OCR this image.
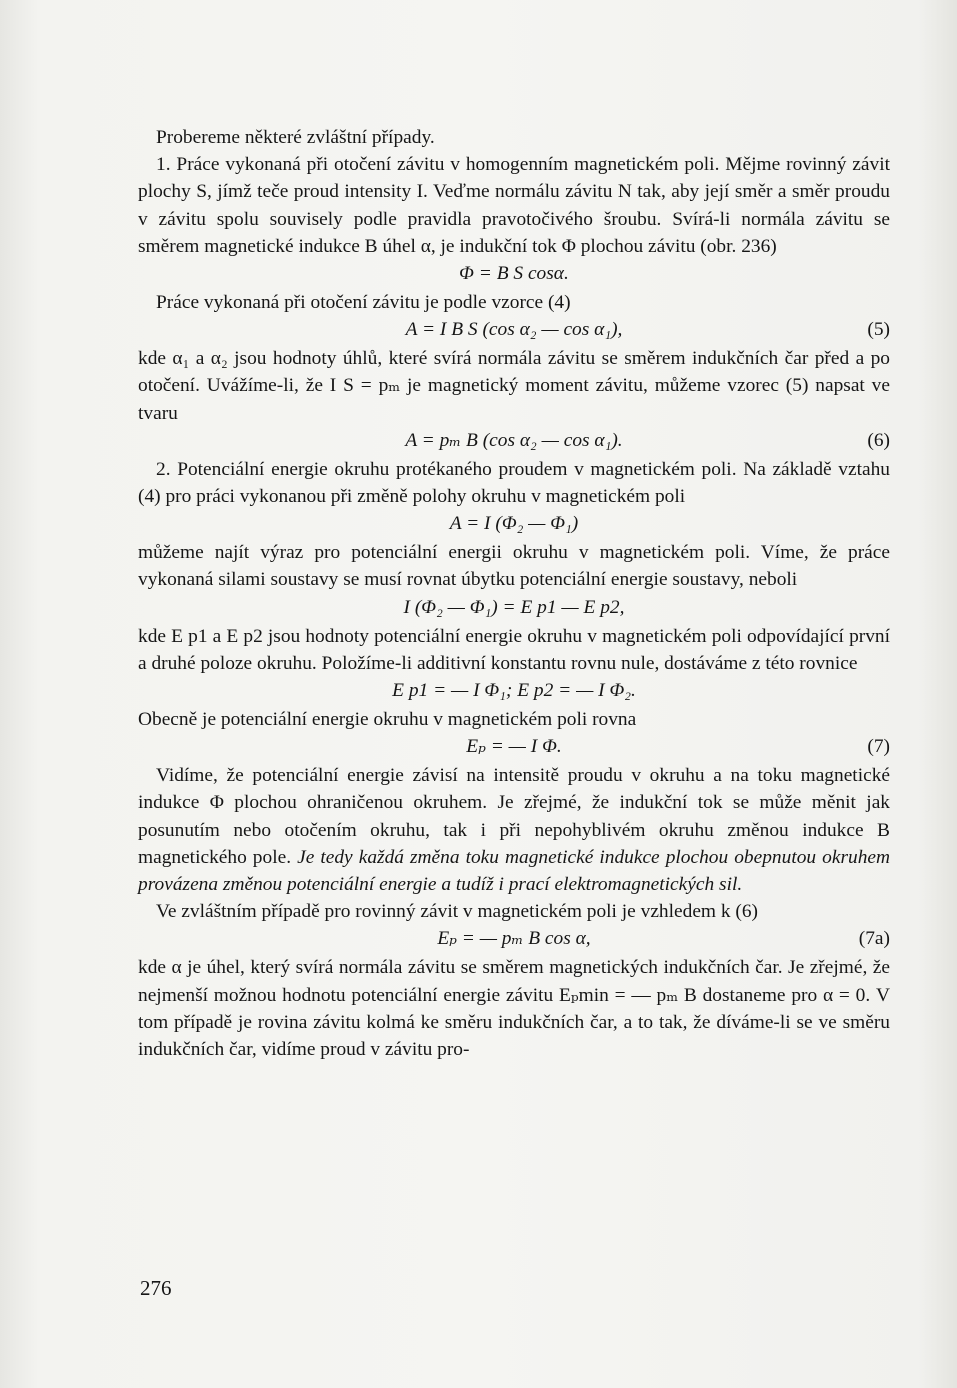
Probereme některé zvláštní případy.

1. Práce vykonaná při otočení závitu v homogenním magnetickém poli. Mějme rovinný závit plochy S, jímž teče proud intensity I. Veďme normálu závitu N tak, aby její směr a směr proudu v závitu spolu souvisely podle pravidla pravotočivého šroubu. Svírá-li normála závitu se směrem magnetické indukce B úhel α, je indukční tok Φ plochou závitu (obr. 236)

Φ = B S cosα.

Práce vykonaná při otočení závitu je podle vzorce (4)

A = I B S (cos α₂ — cos α₁),	(5)

kde α₁ a α₂ jsou hodnoty úhlů, které svírá normála závitu se směrem indukčních čar před a po otočení. Uvážíme-li, že I S = pₘ je magnetický moment závitu, můžeme vzorec (5) napsat ve tvaru

A = pₘ B (cos α₂ — cos α₁).	(6)

2. Potenciální energie okruhu protékaného proudem v magnetickém poli. Na základě vztahu (4) pro práci vykonanou při změně polohy okruhu v magnetickém poli

A = I (Φ₂ — Φ₁)

můžeme najít výraz pro potenciální energii okruhu v magnetickém poli. Víme, že práce vykonaná silami soustavy se musí rovnat úbytku potenciální energie soustavy, neboli

I (Φ₂ — Φ₁) = E p1 — E p2,

kde E p1 a E p2 jsou hodnoty potenciální energie okruhu v magnetickém poli odpovídající první a druhé poloze okruhu. Položíme-li additivní konstantu rovnu nule, dostáváme z této rovnice

E p1 = — I Φ₁; E p2 = — I Φ₂.

Obecně je potenciální energie okruhu v magnetickém poli rovna

Eₚ = — I Φ.	(7)

Vidíme, že potenciální energie závisí na intensitě proudu v okruhu a na toku magnetické indukce Φ plochou ohraničenou okruhem. Je zřejmé, že indukční tok se může měnit jak posunutím nebo otočením okruhu, tak i při nepohyblivém okruhu změnou indukce B magnetického pole. Je tedy každá změna toku magnetické indukce plochou obepnutou okruhem provázena změnou potenciální energie a tudíž i prací elektromagnetických sil.

Ve zvláštním případě pro rovinný závit v magnetickém poli je vzhledem k (6)

Eₚ = — pₘ B cos α,	(7a)

kde α je úhel, který svírá normála závitu se směrem magnetických indukčních čar. Je zřejmé, že nejmenší možnou hodnotu potenciální energie závitu Eₚmin = — pₘ B dostaneme pro α = 0. V tom případě je rovina závitu kolmá ke směru indukčních čar, a to tak, že díváme-li se ve směru indukčních čar, vidíme proud v závitu pro-

276
